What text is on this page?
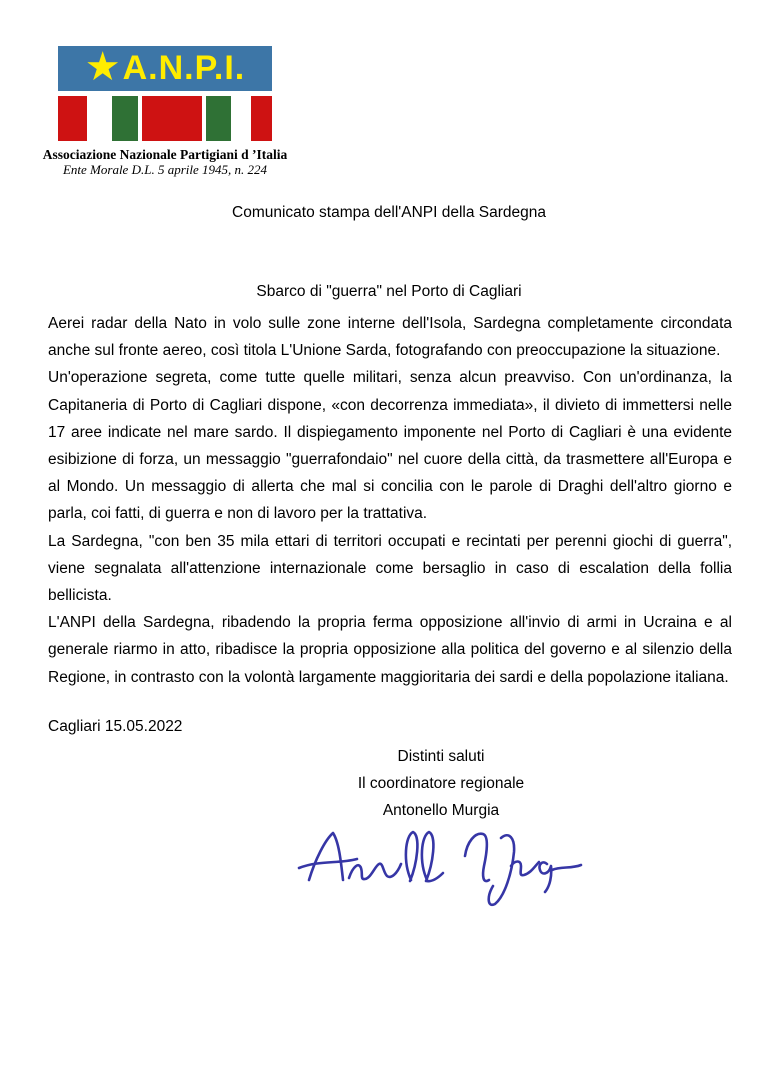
★ A.N.P.I.
Associazione Nazionale Partigiani d ’Italia
Ente Morale D.L. 5 aprile 1945, n. 224
Comunicato stampa dell'ANPI della Sardegna
Sbarco di "guerra" nel Porto di Cagliari

Aerei radar della Nato in volo sulle zone interne dell'Isola, Sardegna completamente circondata anche sul fronte aereo, così titola L'Unione Sarda, fotografando con preoccupazione la situazione.

Un'operazione segreta, come tutte quelle militari, senza alcun preavviso. Con un'ordinanza, la Capitaneria di Porto di Cagliari dispone, «con decorrenza immediata», il divieto di immettersi nelle 17 aree indicate nel mare sardo. Il dispiegamento imponente nel Porto di Cagliari è una evidente esibizione di forza, un messaggio "guerrafondaio" nel cuore della città, da trasmettere all'Europa e al Mondo. Un messaggio di allerta che mal si concilia con le parole di Draghi dell'altro giorno e parla, coi fatti, di guerra e non di lavoro per la trattativa.

La Sardegna, "con ben 35 mila ettari di territori occupati e recintati per perenni giochi di guerra", viene segnalata all'attenzione internazionale come bersaglio in caso di escalation della follia bellicista.

L'ANPI della Sardegna, ribadendo la propria ferma opposizione all'invio di armi in Ucraina e al generale riarmo in atto, ribadisce la propria opposizione alla politica del governo e al silenzio della Regione, in contrasto con la volontà largamente maggioritaria dei sardi e della popolazione italiana.

Cagliari 15.05.2022
Distinti saluti
Il coordinatore regionale
Antonello Murgia
